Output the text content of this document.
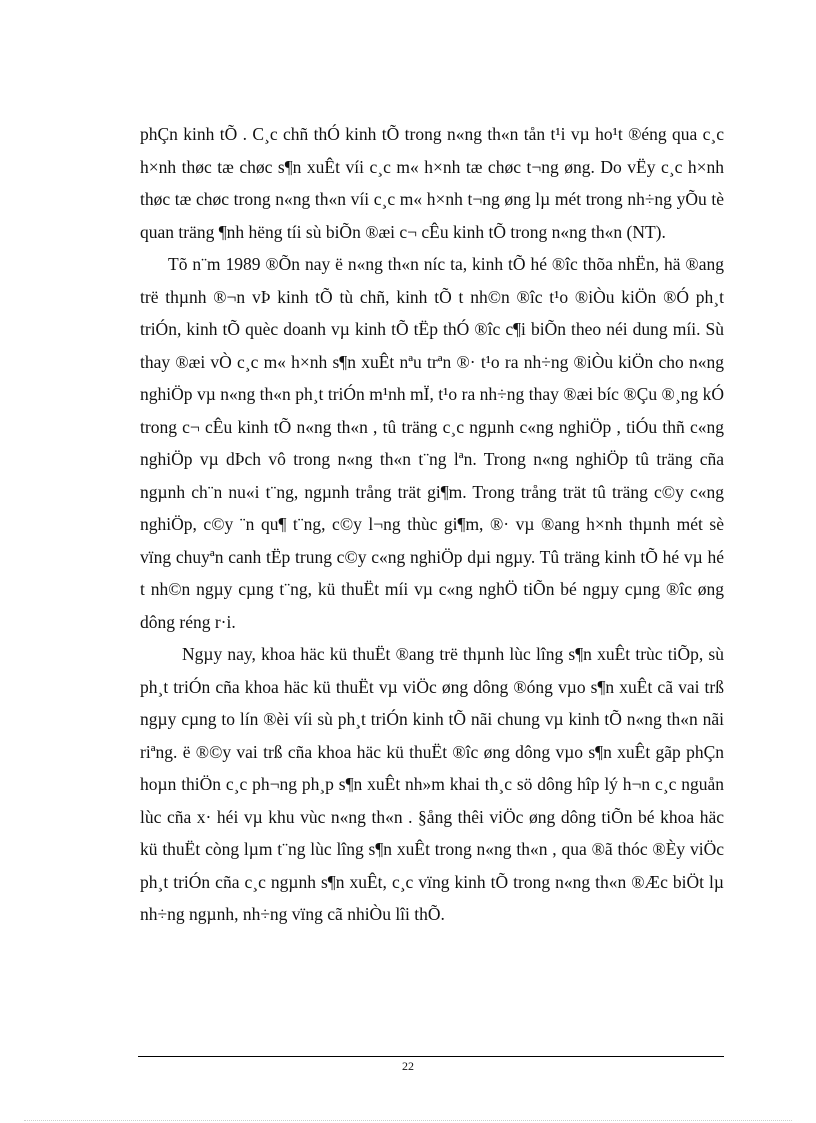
phÇn kinh tÕ . C¸c chñ thÓ kinh tÕ trong n«ng th«n tån t¹i vµ ho¹t ®éng qua c¸c h×nh thøc tæ chøc s¶n xuÊt víi c¸c m« h×nh tæ chøc t¬ng øng. Do vËy c¸c h×nh thøc tæ chøc trong n«ng th«n víi c¸c m« h×nh t¬ng øng lµ mét trong nh÷ng yÕu tè quan träng ¶nh hëng tíi sù biÕn ®æi c¬ cÊu kinh tÕ trong n«ng th«n (NT).

Tõ n¨m 1989 ®Õn nay ë n«ng th«n níc ta, kinh tÕ hé ®îc thõa nhËn, hä ®ang trë thµnh ®¬n vÞ kinh tÕ tù chñ, kinh tÕ t nh©n ®îc t¹o ®iÒu kiÖn ®Ó ph¸t triÓn, kinh tÕ quèc doanh vµ kinh tÕ tËp thÓ ®îc c¶i biÕn theo néi dung míi. Sù thay ®æi vÒ c¸c m« h×nh s¶n xuÊt nªu trªn ®· t¹o ra nh÷ng ®iÒu kiÖn cho n«ng nghiÖp vµ n«ng th«n ph¸t triÓn m¹nh mÏ, t¹o ra nh÷ng thay ®æi bíc ®Çu ®¸ng kÓ trong c¬ cÊu kinh tÕ n«ng th«n , tû träng c¸c ngµnh c«ng nghiÖp , tiÓu thñ c«ng nghiÖp vµ dÞch vô trong n«ng th«n t¨ng lªn. Trong n«ng nghiÖp tû träng cña ngµnh ch¨n nu«i t¨ng, ngµnh trång trät gi¶m. Trong trång trät tû träng c©y c«ng nghiÖp, c©y ¨n qu¶ t¨ng, c©y l¬ng thùc gi¶m, ®· vµ ®ang h×nh thµnh mét sè vïng chuyªn canh tËp trung c©y c«ng nghiÖp dµi ngµy. Tû träng kinh tÕ hé vµ hé t nh©n ngµy cµng t¨ng, kü thuËt míi vµ c«ng nghÖ tiÕn bé ngµy cµng ®îc øng dông réng r·i.

Ngµy nay, khoa häc kü thuËt ®ang trë thµnh lùc lîng s¶n xuÊt trùc tiÕp, sù ph¸t triÓn cña khoa häc kü thuËt vµ viÖc øng dông ®óng vµo s¶n xuÊt cã vai trß ngµy cµng to lín ®èi víi sù ph¸t triÓn kinh tÕ nãi chung vµ kinh tÕ n«ng th«n nãi riªng. ë ®©y vai trß cña khoa häc kü thuËt ®îc øng dông vµo s¶n xuÊt gãp phÇn hoµn thiÖn c¸c ph¬ng ph¸p s¶n xuÊt nh»m khai th¸c sö dông hîp lý h¬n c¸c nguån lùc cña x· héi vµ khu vùc n«ng th«n . §ång thêi viÖc øng dông tiÕn bé khoa häc kü thuËt còng lµm t¨ng lùc lîng s¶n xuÊt trong n«ng th«n , qua ®ã thóc ®Èy viÖc ph¸t triÓn cña c¸c ngµnh s¶n xuÊt, c¸c vïng kinh tÕ trong n«ng th«n ®Æc biÖt lµ nh÷ng ngµnh, nh÷ng vïng cã nhiÒu lîi thÕ.

22
